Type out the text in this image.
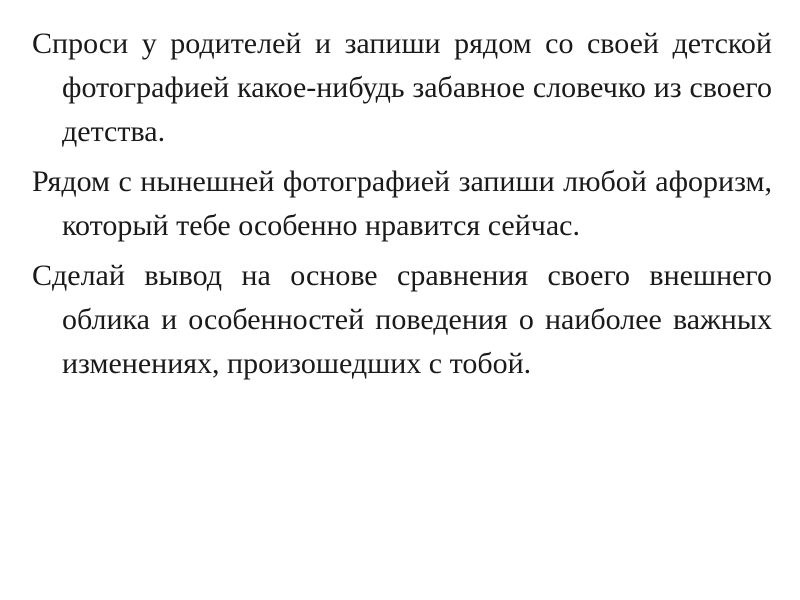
Спроси у родителей и запиши рядом со своей детской фотографией какое-нибудь забавное словечко из своего детства.

Рядом с нынешней фотографией запиши любой афоризм, который тебе особенно нравится сейчас.

Сделай вывод на основе сравнения своего внешнего облика и особенностей поведения о наиболее важных изменениях, произошедших с тобой.
